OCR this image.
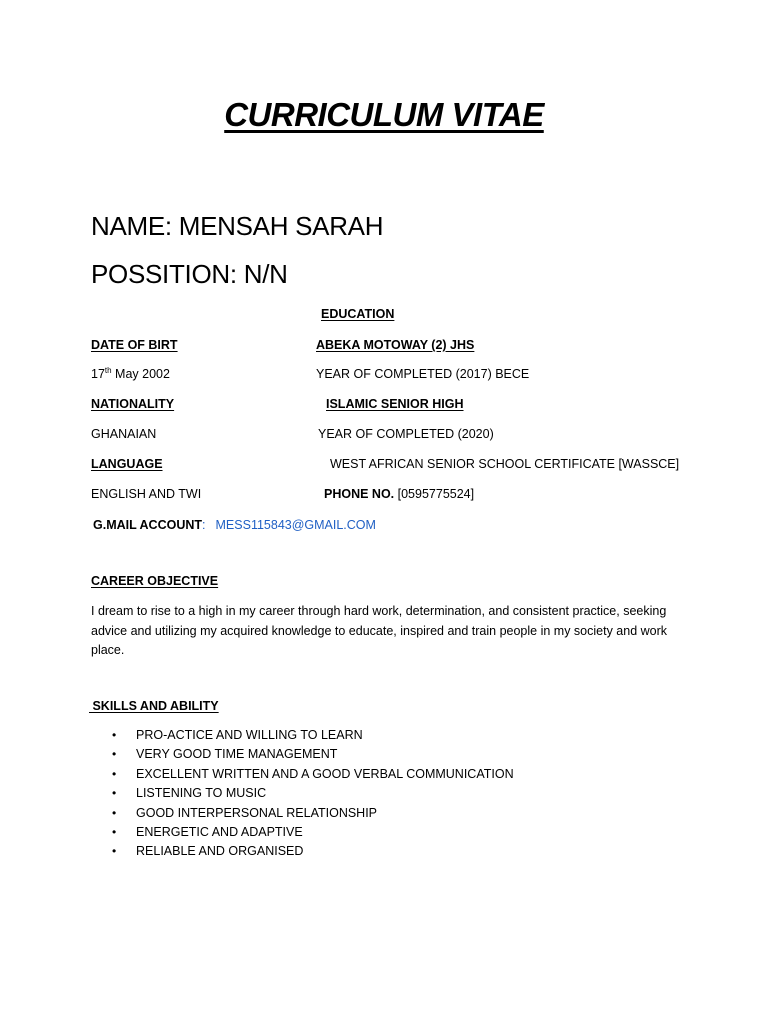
CURRICULUM VITAE
NAME: MENSAH SARAH
POSSITION: N/N
EDUCATION
DATE OF BIRT	ABEKA MOTOWAY (2) JHS
17th May 2002	YEAR OF COMPLETED (2017) BECE
NATIONALITY	ISLAMIC SENIOR HIGH
GHANAIAN	YEAR OF COMPLETED (2020)
LANGUAGE	WEST AFRICAN SENIOR SCHOOL CERTIFICATE [WASSCE]
ENGLISH AND TWI	PHONE NO. [0595775524]
G.MAIL ACCOUNT: MESS115843@GMAIL.COM
CAREER OBJECTIVE
I dream to rise to a high in my career through hard work, determination, and consistent practice, seeking advice and utilizing my acquired knowledge to educate, inspired and train people in my society and work place.
SKILLS AND ABILITY
• PRO-ACTICE AND WILLING TO LEARN
• VERY GOOD TIME MANAGEMENT
• EXCELLENT WRITTEN AND A GOOD VERBAL COMMUNICATION
• LISTENING TO MUSIC
• GOOD INTERPERSONAL RELATIONSHIP
• ENERGETIC AND ADAPTIVE
• RELIABLE AND ORGANISED
